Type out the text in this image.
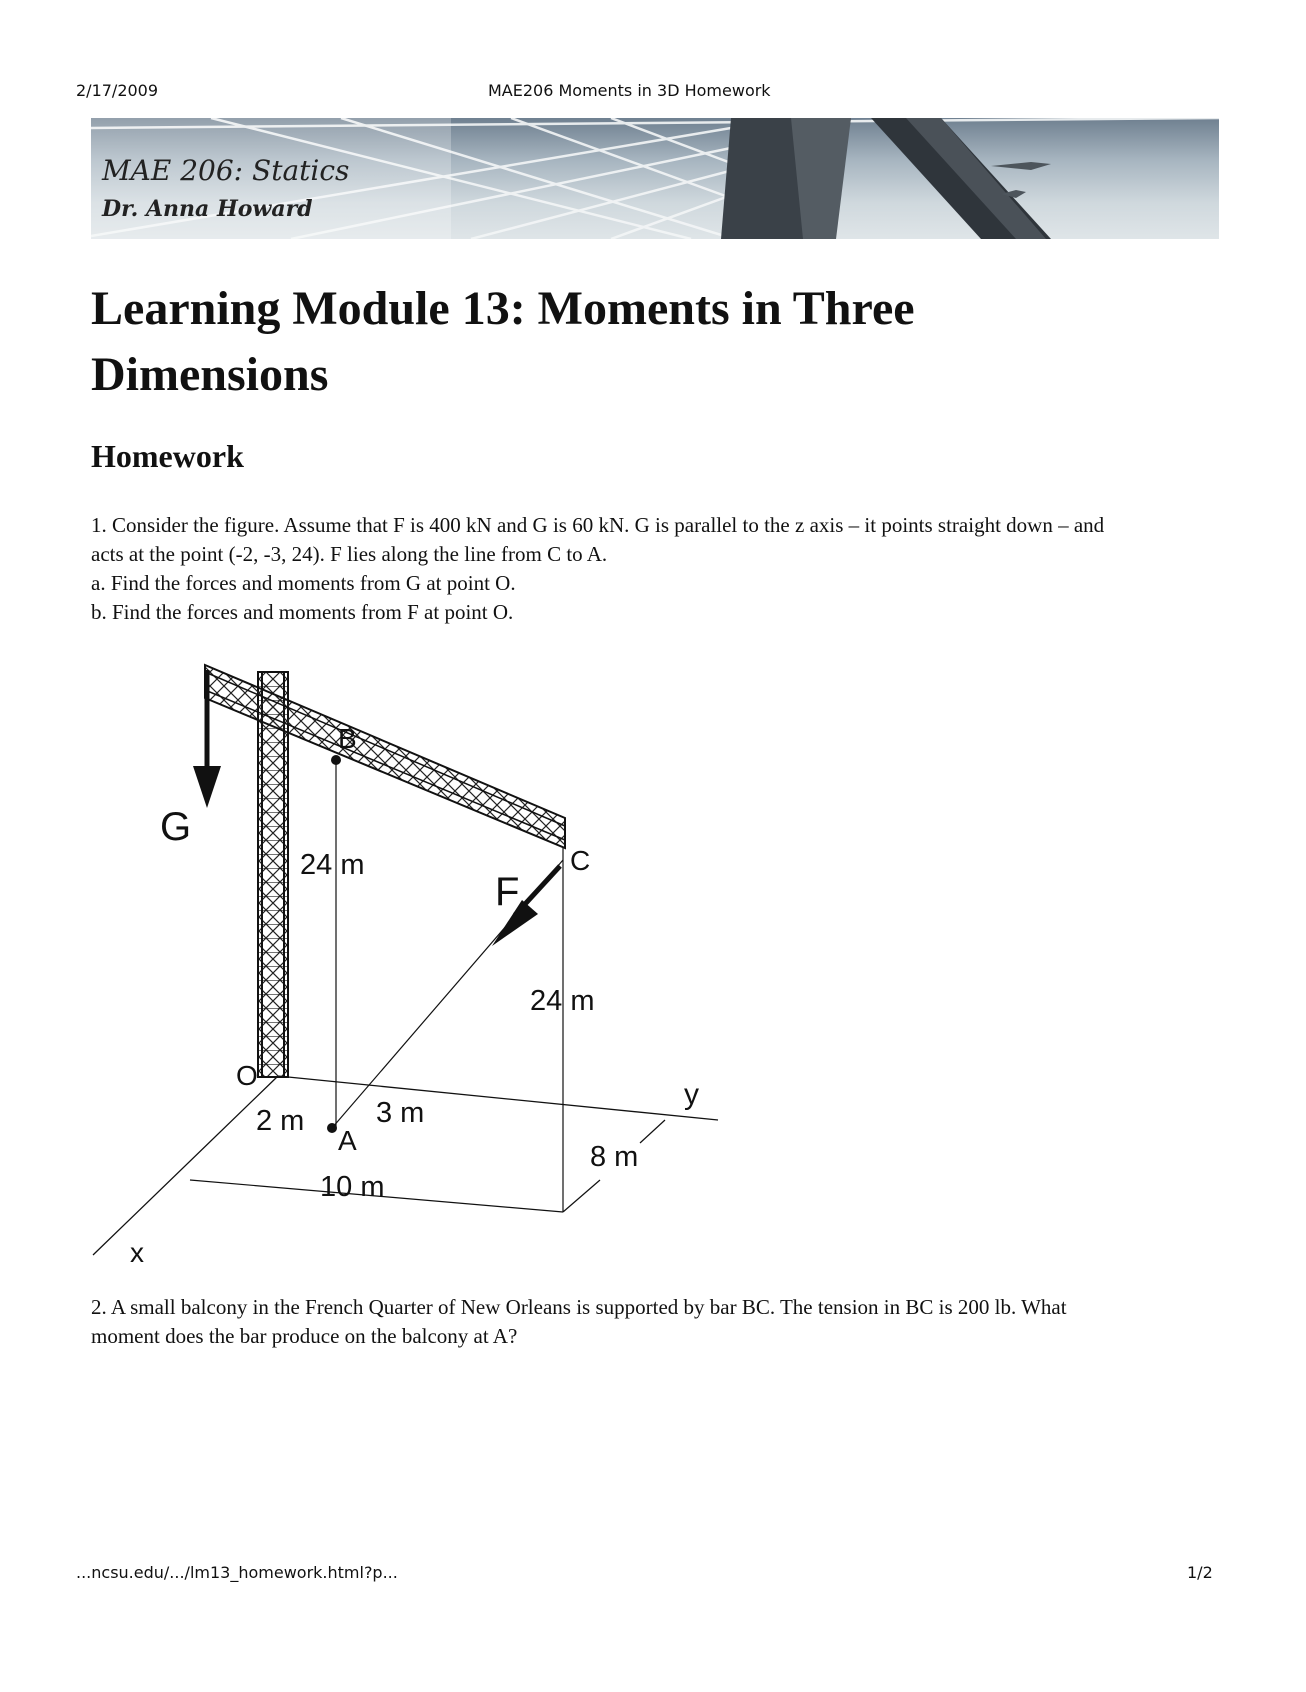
2/17/2009	MAE206 Moments in 3D Homework
MAE 206: Statics
Dr. Anna Howard
Learning Module 13: Moments in Three
Dimensions
Homework

1. Consider the figure. Assume that F is 400 kN and G is 60 kN. G is parallel to the z axis – it points straight down – and

acts at the point (-2, -3, 24). F lies along the line from C to A.

a. Find the forces and moments from G at point O.

b. Find the forces and moments from F at point O.

G
F
B
C
O
A
x
y
24 m
24 m
2 m 3 m
8 m
10 m

2. A small balcony in the French Quarter of New Orleans is supported by bar BC. The tension in BC is 200 lb. What

moment does the bar produce on the balcony at A?

...ncsu.edu/.../lm13_homework.html?p...	1/2
